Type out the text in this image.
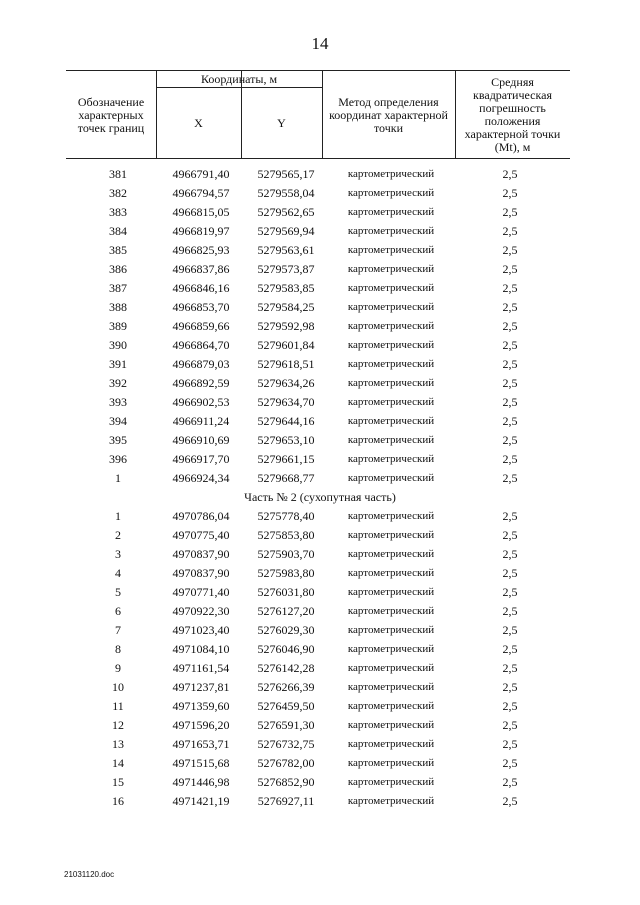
14
Обозначение характерных точек границ
Координаты, м
X	Y
Метод определения координат характерной точки
Средняя квадратическая погрешность положения характерной точки (Mt), м
381	4966791,40	5279565,17	картометрический	2,5
382	4966794,57	5279558,04	картометрический	2,5
383	4966815,05	5279562,65	картометрический	2,5
384	4966819,97	5279569,94	картометрический	2,5
385	4966825,93	5279563,61	картометрический	2,5
386	4966837,86	5279573,87	картометрический	2,5
387	4966846,16	5279583,85	картометрический	2,5
388	4966853,70	5279584,25	картометрический	2,5
389	4966859,66	5279592,98	картометрический	2,5
390	4966864,70	5279601,84	картометрический	2,5
391	4966879,03	5279618,51	картометрический	2,5
392	4966892,59	5279634,26	картометрический	2,5
393	4966902,53	5279634,70	картометрический	2,5
394	4966911,24	5279644,16	картометрический	2,5
395	4966910,69	5279653,10	картометрический	2,5
396	4966917,70	5279661,15	картометрический	2,5
1	4966924,34	5279668,77	картометрический	2,5
Часть № 2 (сухопутная часть)
1	4970786,04	5275778,40	картометрический	2,5
2	4970775,40	5275853,80	картометрический	2,5
3	4970837,90	5275903,70	картометрический	2,5
4	4970837,90	5275983,80	картометрический	2,5
5	4970771,40	5276031,80	картометрический	2,5
6	4970922,30	5276127,20	картометрический	2,5
7	4971023,40	5276029,30	картометрический	2,5
8	4971084,10	5276046,90	картометрический	2,5
9	4971161,54	5276142,28	картометрический	2,5
10	4971237,81	5276266,39	картометрический	2,5
11	4971359,60	5276459,50	картометрический	2,5
12	4971596,20	5276591,30	картометрический	2,5
13	4971653,71	5276732,75	картометрический	2,5
14	4971515,68	5276782,00	картометрический	2,5
15	4971446,98	5276852,90	картометрический	2,5
16	4971421,19	5276927,11	картометрический	2,5
21031120.doc
